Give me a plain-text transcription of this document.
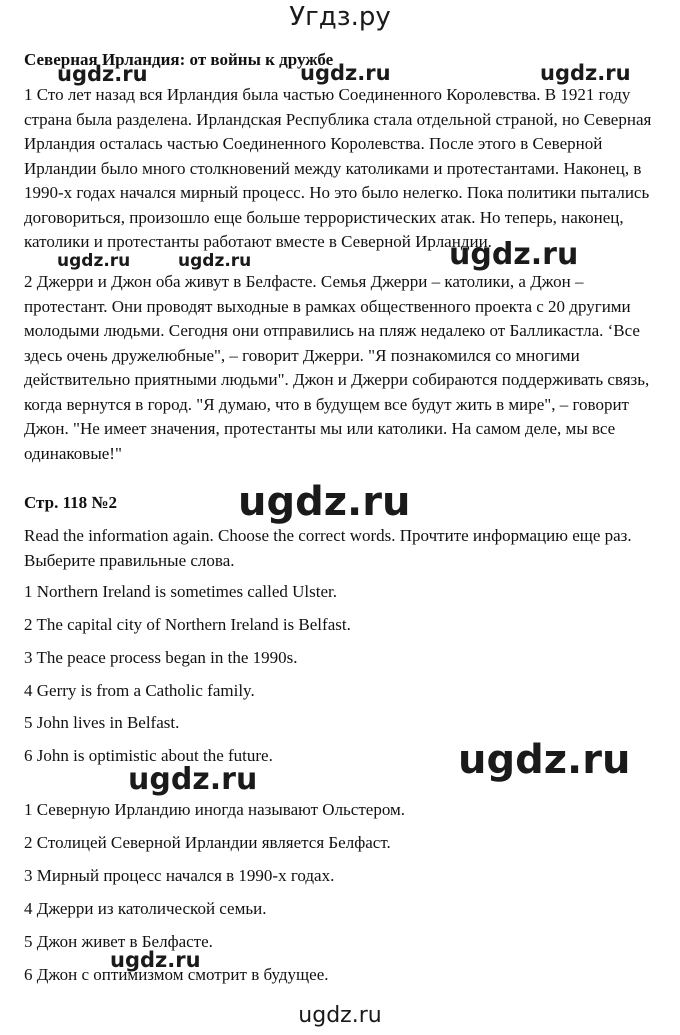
Угдз.ру
Северная Ирландия: от войны к дружбе

1 Сто лет назад вся Ирландия была частью Соединенного Королевства. В 1921 году страна была разделена. Ирландская Республика стала отдельной страной, но Северная Ирландия осталась частью Соединенного Королевства. После этого в Северной Ирландии было много столкновений между католиками и протестантами. Наконец, в 1990-х годах начался мирный процесс. Но это было нелегко. Пока политики пытались договориться, произошло еще больше террористических атак. Но теперь, наконец, католики и протестанты работают вместе в Северной Ирландии.

2 Джерри и Джон оба живут в Белфасте. Семья Джерри – католики, а Джон – протестант. Они проводят выходные в рамках общественного проекта с 20 другими молодыми людьми. Сегодня они отправились на пляж недалеко от Балликастла. ‘Все здесь очень дружелюбные", – говорит Джерри. "Я познакомился со многими действительно приятными людьми". Джон и Джерри собираются поддерживать связь, когда вернутся в город. "Я думаю, что в будущем все будут жить в мире", – говорит Джон. "Не имеет значения, протестанты мы или католики. На самом деле, мы все одинаковые!"

Стр. 118 №2

Read the information again. Choose the correct words. Прочтите информацию еще раз. Выберите правильные слова.

1 Northern Ireland is sometimes called Ulster.
2 The capital city of Northern Ireland is Belfast.
3 The peace process began in the 1990s.
4 Gerry is from a Catholic family.
5 John lives in Belfast.
6 John is optimistic about the future.
1 Северную Ирландию иногда называют Ольстером.
2 Столицей Северной Ирландии является Белфаст.
3 Мирный процесс начался в 1990-х годах.
4 Джерри из католической семьи.
5 Джон живет в Белфасте.
6 Джон с оптимизмом смотрит в будущее.
ugdz.ru	ugdz.ru	ugdz.ru
ugdz.ru	ugdz.ru	ugdz.ru
ugdz.ru
ugdz.ru
ugdz.ru
ugdz.ru
ugdz.ru
